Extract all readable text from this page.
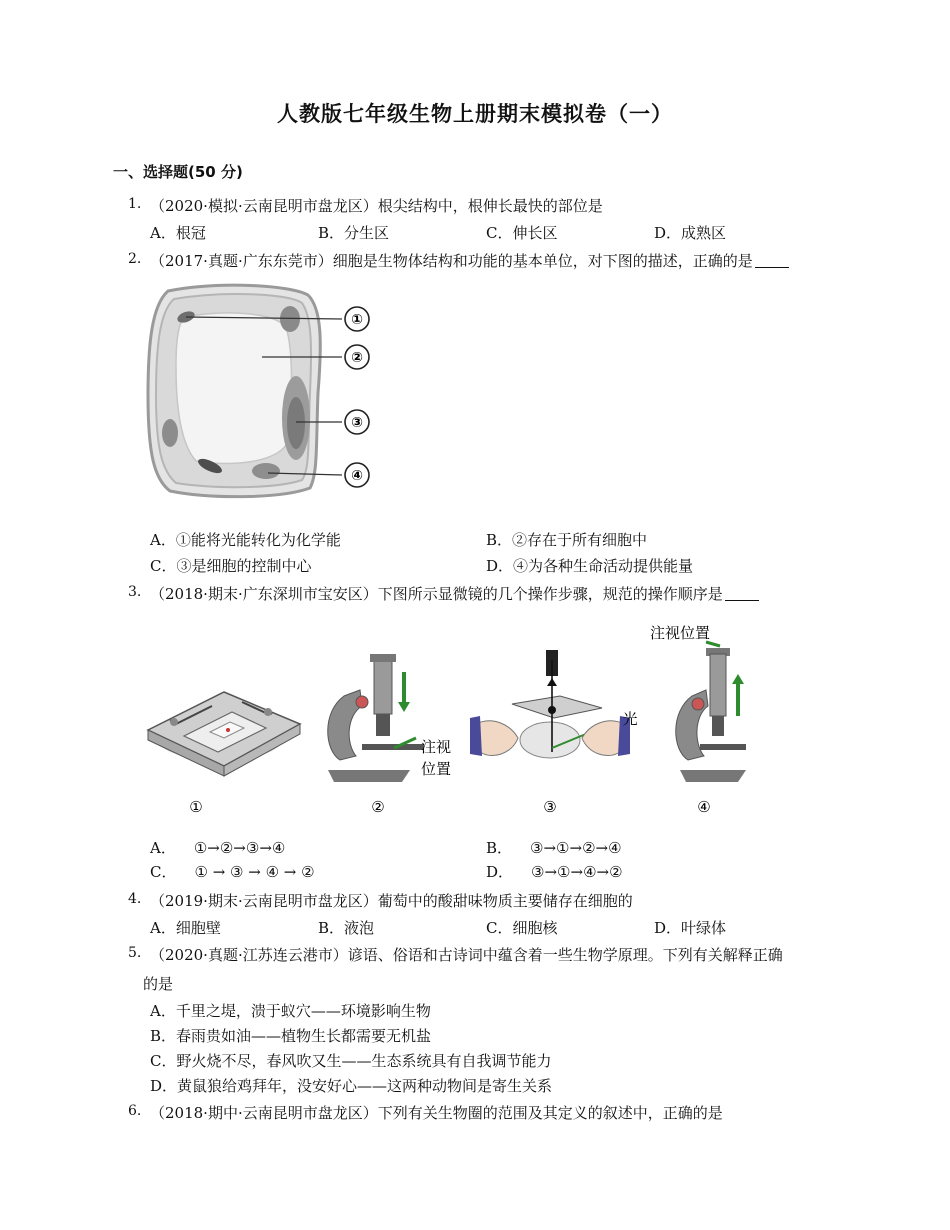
人教版七年级生物上册期末模拟卷（一）
一、选择题(50 分)
1. （2020·模拟·云南昆明市盘龙区）根尖结构中，根伸长最快的部位是
A．根冠	B．分生区	C．伸长区	D．成熟区
2. （2017·真题·广东东莞市）细胞是生物体结构和功能的基本单位，对下图的描述，正确的是
①
②
③
④
A．①能将光能转化为化学能	B．②存在于所有细胞中
C．③是细胞的控制中心	D．④为各种生命活动提供能量
3. （2018·期末·广东深圳市宝安区）下图所示显微镜的几个操作步骤，规范的操作顺序是
①
注视
位置
②
光
③
注视位置
④
A． ①→②→③→④	B． ③→①→②→④
C． ① → ③ → ④ → ②	D． ③→①→④→②
4. （2019·期末·云南昆明市盘龙区）葡萄中的酸甜味物质主要储存在细胞的
A．细胞壁	B．液泡	C．细胞核	D．叶绿体
5. （2020·真题·江苏连云港市）谚语、俗语和古诗词中蕴含着一些生物学原理。下列有关解释正确
的是
A．千里之堤，溃于蚁穴——环境影响生物
B．春雨贵如油——植物生长都需要无机盐
C．野火烧不尽，春风吹又生——生态系统具有自我调节能力
D．黄鼠狼给鸡拜年，没安好心——这两种动物间是寄生关系
6. （2018·期中·云南昆明市盘龙区）下列有关生物圈的范围及其定义的叙述中，正确的是
